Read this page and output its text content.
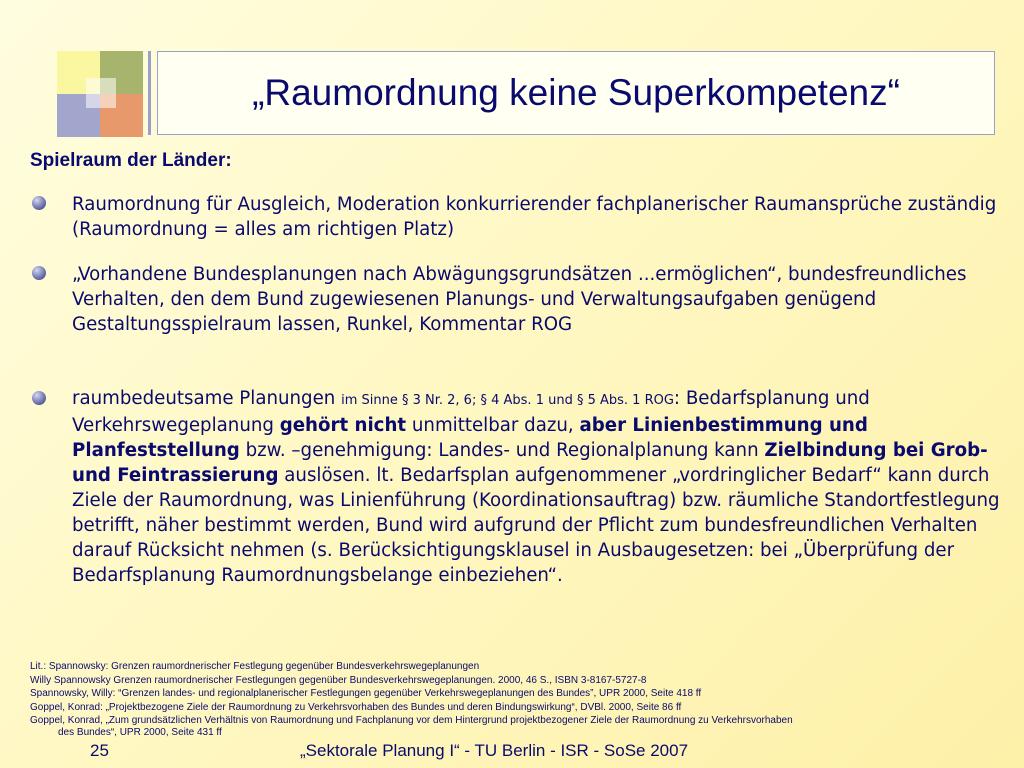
„Raumordnung keine Superkompetenz“
Spielraum der Länder:
Raumordnung für Ausgleich, Moderation konkurrierender fachplanerischer Raumansprüche zuständig (Raumordnung = alles am richtigen Platz)
„Vorhandene Bundesplanungen nach Abwägungsgrundsätzen ...ermöglichen“, bundesfreundliches Verhalten, den dem Bund zugewiesenen Planungs- und Verwaltungsaufgaben genügend Gestaltungsspielraum lassen, Runkel, Kommentar ROG
raumbedeutsame Planungen im Sinne § 3 Nr. 2, 6; § 4 Abs. 1 und § 5 Abs. 1 ROG: Bedarfsplanung und Verkehrswegeplanung gehört nicht unmittelbar dazu, aber Linienbestimmung und Planfeststellung bzw. –genehmigung: Landes- und Regionalplanung kann Zielbindung bei Grob- und Feintrassierung auslösen. lt. Bedarfsplan aufgenommener „vordringlicher Bedarf“ kann durch Ziele der Raumordnung, was Linienführung (Koordinationsauftrag) bzw. räumliche Standortfestlegung betrifft, näher bestimmt werden, Bund wird aufgrund der Pflicht zum bundesfreundlichen Verhalten darauf Rücksicht nehmen (s. Berücksichtigungsklausel in Ausbaugesetzen: bei „Überprüfung der Bedarfsplanung Raumordnungsbelange einbeziehen“.
Lit.: Spannowsky: Grenzen raumordnerischer Festlegung gegenüber Bundesverkehrswegeplanungen
Willy Spannowsky Grenzen raumordnerischer Festlegungen gegenüber Bundesverkehrswegeplanungen. 2000, 46 S., ISBN 3-8167-5727-8
Spannowsky, Willy: “Grenzen landes- und regionalplanerischer Festlegungen gegenüber Verkehrswegeplanungen des Bundes”, UPR 2000, Seite 418 ff
Goppel, Konrad: „Projektbezogene Ziele der Raumordnung zu Verkehrsvorhaben des Bundes und deren Bindungswirkung“, DVBl. 2000, Seite 86 ff
Goppel, Konrad, „Zum grundsätzlichen Verhältnis von Raumordnung und Fachplanung vor dem Hintergrund projektbezogener Ziele der Raumordnung zu Verkehrsvorhaben
des Bundes“, UPR 2000, Seite 431 ff
25	„Sektorale Planung I“ - TU Berlin - ISR - SoSe 2007
